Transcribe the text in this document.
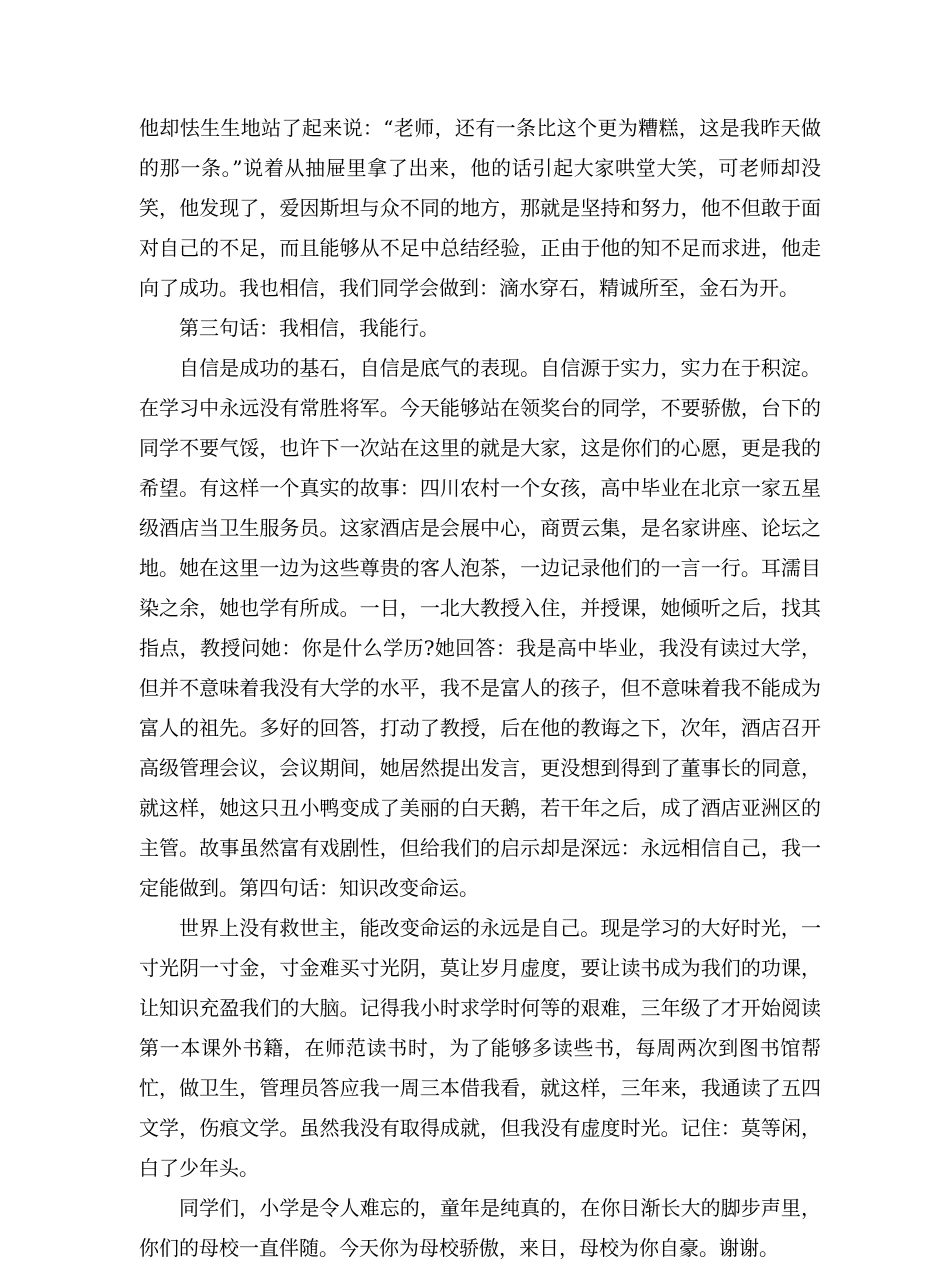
他却怯生生地站了起来说：“老师，还有一条比这个更为糟糕，这是我昨天做的那一条。”说着从抽屉里拿了出来，他的话引起大家哄堂大笑，可老师却没笑，他发现了，爱因斯坦与众不同的地方，那就是坚持和努力，他不但敢于面对自己的不足，而且能够从不足中总结经验，正由于他的知不足而求进，他走向了成功。我也相信，我们同学会做到：滴水穿石，精诚所至，金石为开。

第三句话：我相信，我能行。

自信是成功的基石，自信是底气的表现。自信源于实力，实力在于积淀。在学习中永远没有常胜将军。今天能够站在领奖台的同学，不要骄傲，台下的同学不要气馁，也许下一次站在这里的就是大家，这是你们的心愿，更是我的希望。有这样一个真实的故事：四川农村一个女孩，高中毕业在北京一家五星级酒店当卫生服务员。这家酒店是会展中心，商贾云集，是名家讲座、论坛之地。她在这里一边为这些尊贵的客人泡茶，一边记录他们的一言一行。耳濡目染之余，她也学有所成。一日，一北大教授入住，并授课，她倾听之后，找其指点，教授问她：你是什么学历?她回答：我是高中毕业，我没有读过大学，但并不意味着我没有大学的水平，我不是富人的孩子，但不意味着我不能成为富人的祖先。多好的回答，打动了教授，后在他的教诲之下，次年，酒店召开高级管理会议，会议期间，她居然提出发言，更没想到得到了董事长的同意，就这样，她这只丑小鸭变成了美丽的白天鹅，若干年之后，成了酒店亚洲区的主管。故事虽然富有戏剧性，但给我们的启示却是深远：永远相信自己，我一定能做到。第四句话：知识改变命运。

世界上没有救世主，能改变命运的永远是自己。现是学习的大好时光，一寸光阴一寸金，寸金难买寸光阴，莫让岁月虚度，要让读书成为我们的功课，让知识充盈我们的大脑。记得我小时求学时何等的艰难，三年级了才开始阅读第一本课外书籍，在师范读书时，为了能够多读些书，每周两次到图书馆帮忙，做卫生，管理员答应我一周三本借我看，就这样，三年来，我通读了五四文学，伤痕文学。虽然我没有取得成就，但我没有虚度时光。记住：莫等闲，白了少年头。

同学们，小学是令人难忘的，童年是纯真的，在你日渐长大的脚步声里，你们的母校一直伴随。今天你为母校骄傲，来日，母校为你自豪。谢谢。
